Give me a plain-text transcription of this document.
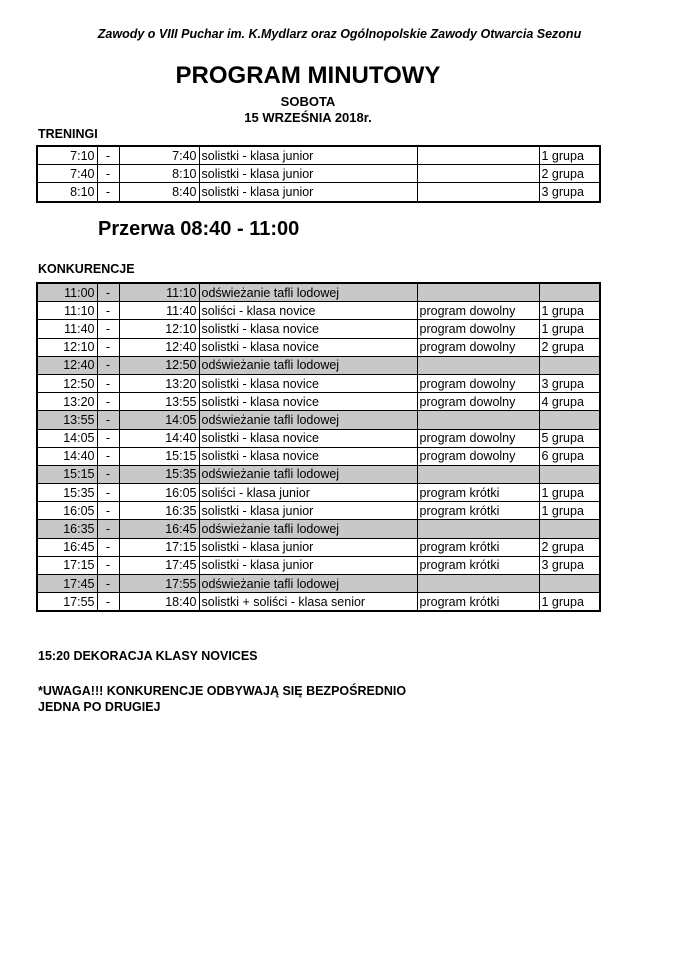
Zawody o VIII Puchar im. K.Mydlarz oraz Ogólnopolskie Zawody Otwarcia Sezonu
PROGRAM MINUTOWY
SOBOTA
15 WRZEŚNIA 2018r.
TRENINGI
7:10	-	7:40	solistki - klasa junior		1 grupa
7:40	-	8:10	solistki - klasa junior		2 grupa
8:10	-	8:40	solistki - klasa junior		3 grupa
Przerwa 08:40 - 11:00
KONKURENCJE
11:00	-	11:10	odświeżanie tafli lodowej		
11:10	-	11:40	soliści - klasa novice	program dowolny	1 grupa
11:40	-	12:10	solistki - klasa novice	program dowolny	1 grupa
12:10	-	12:40	solistki - klasa novice	program dowolny	2 grupa
12:40	-	12:50	odświeżanie tafli lodowej		
12:50	-	13:20	solistki - klasa novice	program dowolny	3 grupa
13:20	-	13:55	solistki - klasa novice	program dowolny	4 grupa
13:55	-	14:05	odświeżanie tafli lodowej		
14:05	-	14:40	solistki - klasa novice	program dowolny	5 grupa
14:40	-	15:15	solistki - klasa novice	program dowolny	6 grupa
15:15	-	15:35	odświeżanie tafli lodowej		
15:35	-	16:05	soliści - klasa junior	program krótki	1 grupa
16:05	-	16:35	solistki - klasa junior	program krótki	1 grupa
16:35	-	16:45	odświeżanie tafli lodowej		
16:45	-	17:15	solistki - klasa junior	program krótki	2 grupa
17:15	-	17:45	solistki - klasa junior	program krótki	3 grupa
17:45	-	17:55	odświeżanie tafli lodowej		
17:55	-	18:40	solistki + soliści - klasa senior	program krótki	1 grupa
15:20 DEKORACJA KLASY NOVICES
*UWAGA!!! KONKURENCJE ODBYWAJĄ SIĘ BEZPOŚREDNIO
JEDNA PO DRUGIEJ
